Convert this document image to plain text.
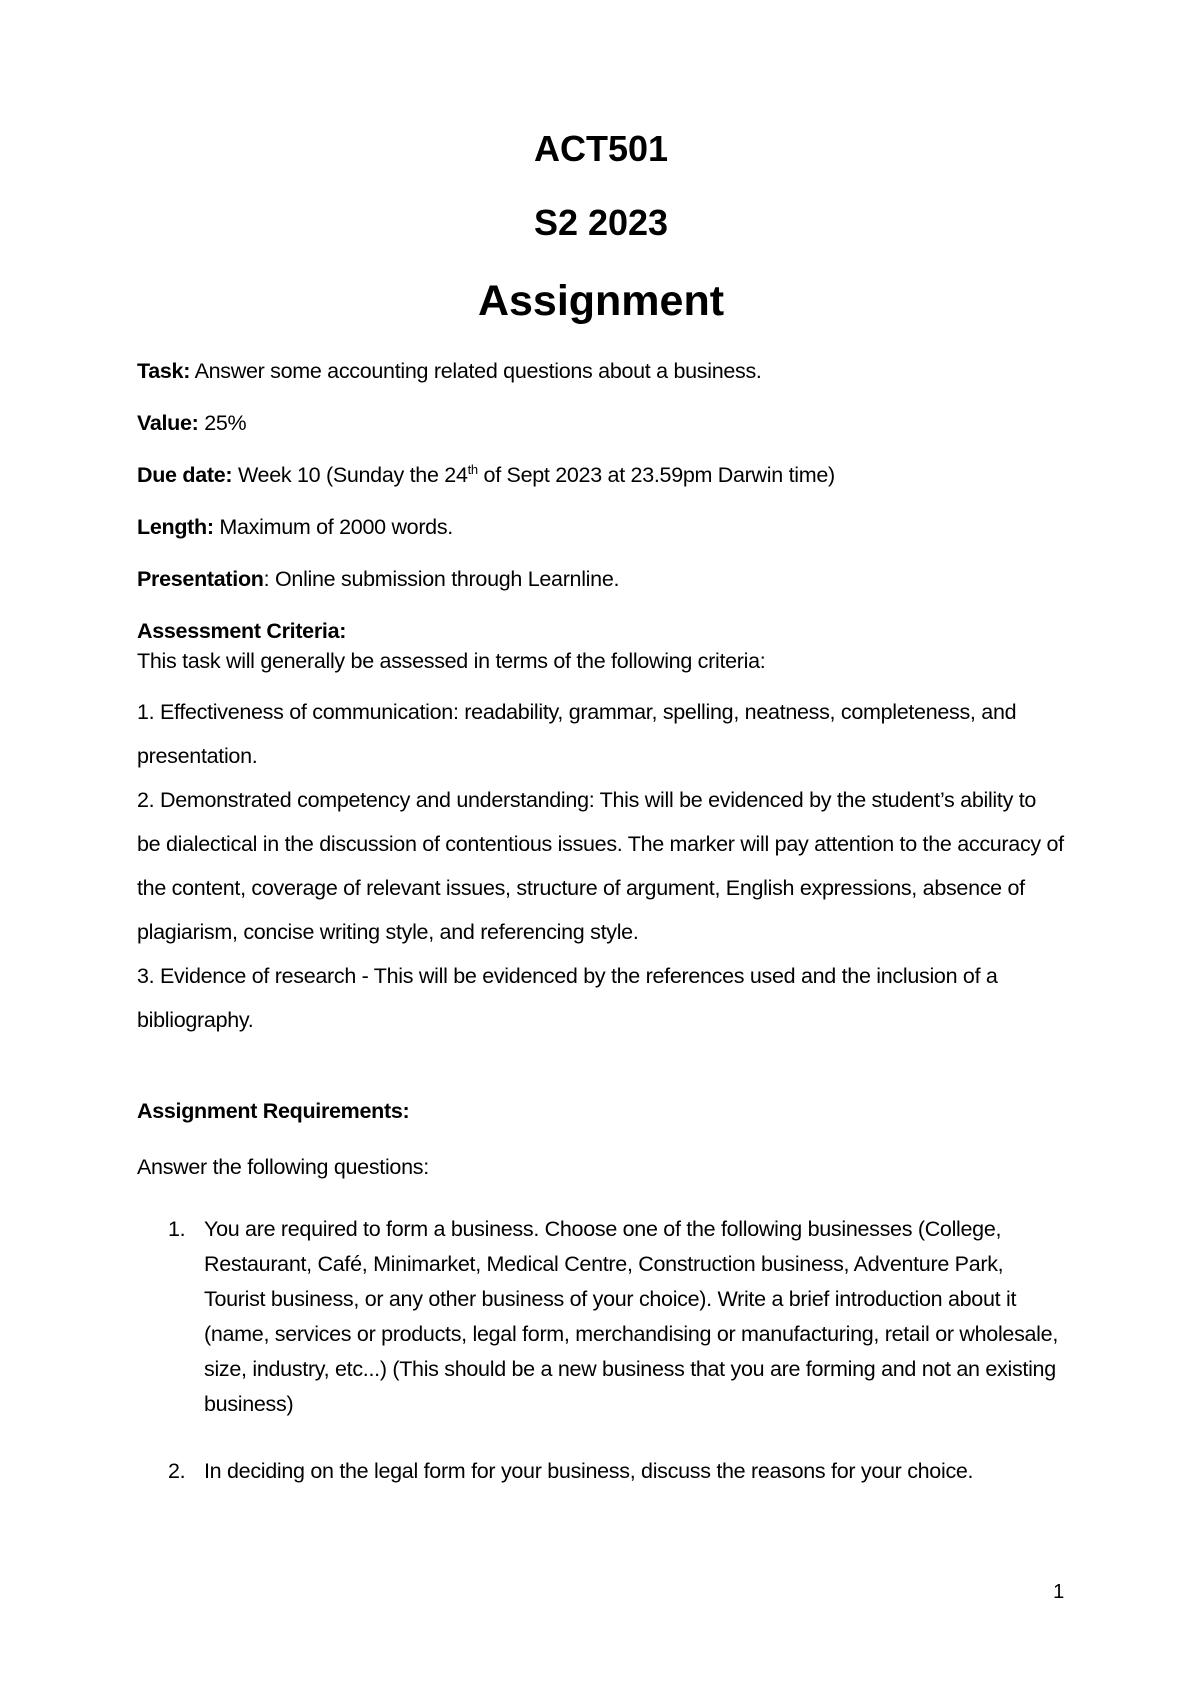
ACT501

S2 2023

Assignment

Task: Answer some accounting related questions about a business.

Value: 25%

Due date: Week 10 (Sunday the 24th of Sept 2023 at 23.59pm Darwin time)

Length: Maximum of 2000 words.

Presentation: Online submission through Learnline.

Assessment Criteria:

This task will generally be assessed in terms of the following criteria:

1. Effectiveness of communication: readability, grammar, spelling, neatness, completeness, and presentation.

2. Demonstrated competency and understanding: This will be evidenced by the student’s ability to be dialectical in the discussion of contentious issues. The marker will pay attention to the accuracy of the content, coverage of relevant issues, structure of argument, English expressions, absence of plagiarism, concise writing style, and referencing style.

3. Evidence of research - This will be evidenced by the references used and the inclusion of a bibliography.

Assignment Requirements:

Answer the following questions:

1. You are required to form a business. Choose one of the following businesses (College, Restaurant, Café, Minimarket, Medical Centre, Construction business, Adventure Park, Tourist business, or any other business of your choice). Write a brief introduction about it (name, services or products, legal form, merchandising or manufacturing, retail or wholesale, size, industry, etc...) (This should be a new business that you are forming and not an existing business)
2. In deciding on the legal form for your business, discuss the reasons for your choice.
1
